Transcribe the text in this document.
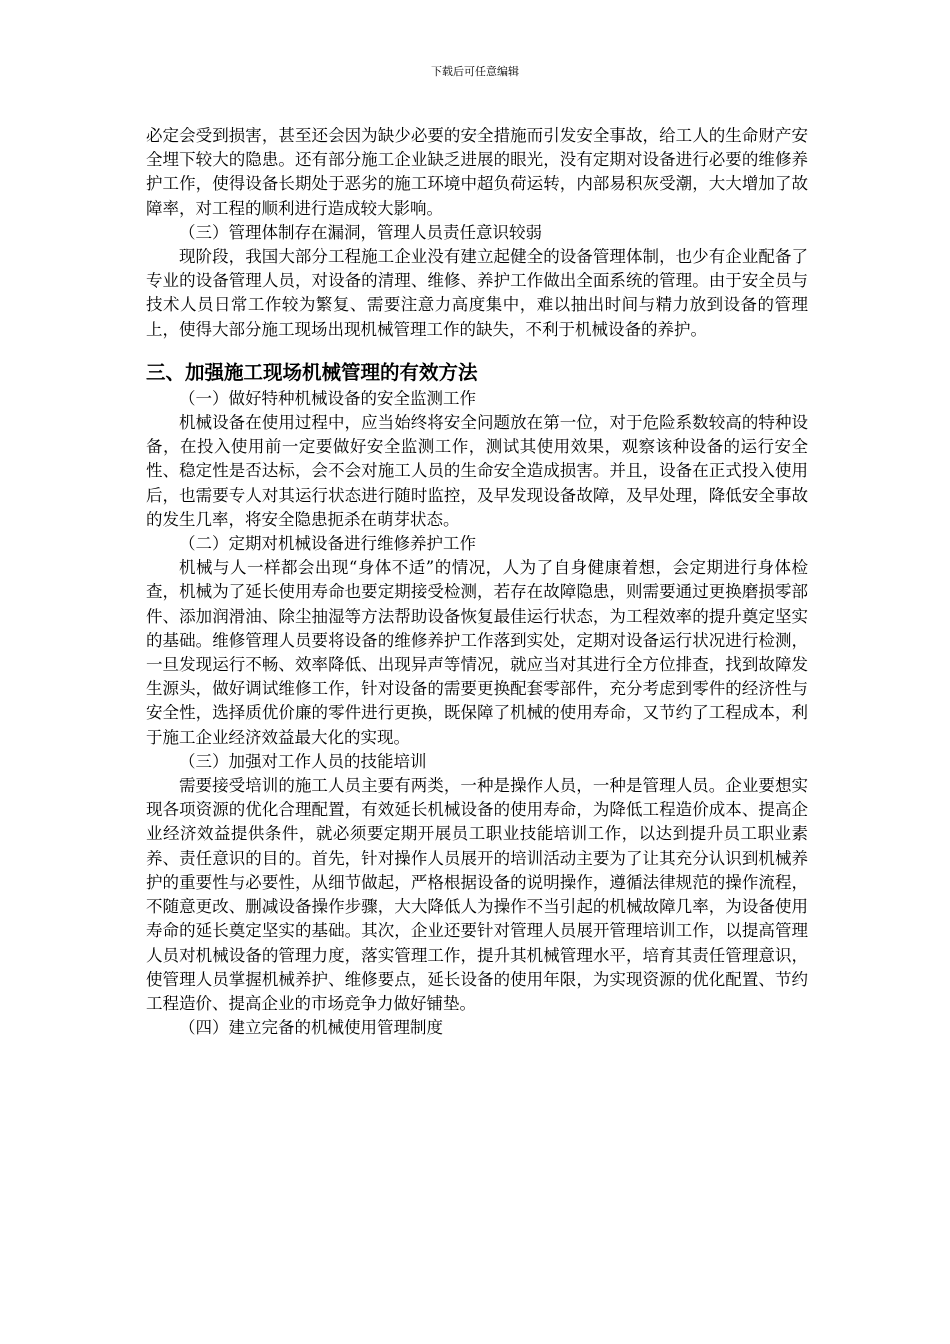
下载后可任意编辑

必定会受到损害，甚至还会因为缺少必要的安全措施而引发安全事故，给工人的生命财产安全埋下较大的隐患。还有部分施工企业缺乏进展的眼光，没有定期对设备进行必要的维修养护工作，使得设备长期处于恶劣的施工环境中超负荷运转，内部易积灰受潮，大大增加了故障率，对工程的顺利进行造成较大影响。

（三）管理体制存在漏洞，管理人员责任意识较弱

现阶段，我国大部分工程施工企业没有建立起健全的设备管理体制，也少有企业配备了专业的设备管理人员，对设备的清理、维修、养护工作做出全面系统的管理。由于安全员与技术人员日常工作较为繁复、需要注意力高度集中，难以抽出时间与精力放到设备的管理上，使得大部分施工现场出现机械管理工作的缺失，不利于机械设备的养护。

三、加强施工现场机械管理的有效方法

（一）做好特种机械设备的安全监测工作

机械设备在使用过程中，应当始终将安全问题放在第一位，对于危险系数较高的特种设备，在投入使用前一定要做好安全监测工作，测试其使用效果，观察该种设备的运行安全性、稳定性是否达标，会不会对施工人员的生命安全造成损害。并且，设备在正式投入使用后，也需要专人对其运行状态进行随时监控，及早发现设备故障，及早处理，降低安全事故的发生几率，将安全隐患扼杀在萌芽状态。

（二）定期对机械设备进行维修养护工作

机械与人一样都会出现“身体不适”的情况，人为了自身健康着想，会定期进行身体检查，机械为了延长使用寿命也要定期接受检测，若存在故障隐患，则需要通过更换磨损零部件、添加润滑油、除尘抽湿等方法帮助设备恢复最佳运行状态，为工程效率的提升奠定坚实的基础。维修管理人员要将设备的维修养护工作落到实处，定期对设备运行状况进行检测，一旦发现运行不畅、效率降低、出现异声等情况，就应当对其进行全方位排查，找到故障发生源头，做好调试维修工作，针对设备的需要更换配套零部件，充分考虑到零件的经济性与安全性，选择质优价廉的零件进行更换，既保障了机械的使用寿命，又节约了工程成本，利于施工企业经济效益最大化的实现。

（三）加强对工作人员的技能培训

需要接受培训的施工人员主要有两类，一种是操作人员，一种是管理人员。企业要想实现各项资源的优化合理配置，有效延长机械设备的使用寿命，为降低工程造价成本、提高企业经济效益提供条件，就必须要定期开展员工职业技能培训工作，以达到提升员工职业素养、责任意识的目的。首先，针对操作人员展开的培训活动主要为了让其充分认识到机械养护的重要性与必要性，从细节做起，严格根据设备的说明操作，遵循法律规范的操作流程，不随意更改、删减设备操作步骤，大大降低人为操作不当引起的机械故障几率，为设备使用寿命的延长奠定坚实的基础。其次，企业还要针对管理人员展开管理培训工作，以提高管理人员对机械设备的管理力度，落实管理工作，提升其机械管理水平，培育其责任管理意识，使管理人员掌握机械养护、维修要点，延长设备的使用年限，为实现资源的优化配置、节约工程造价、提高企业的市场竞争力做好铺垫。

（四）建立完备的机械使用管理制度
